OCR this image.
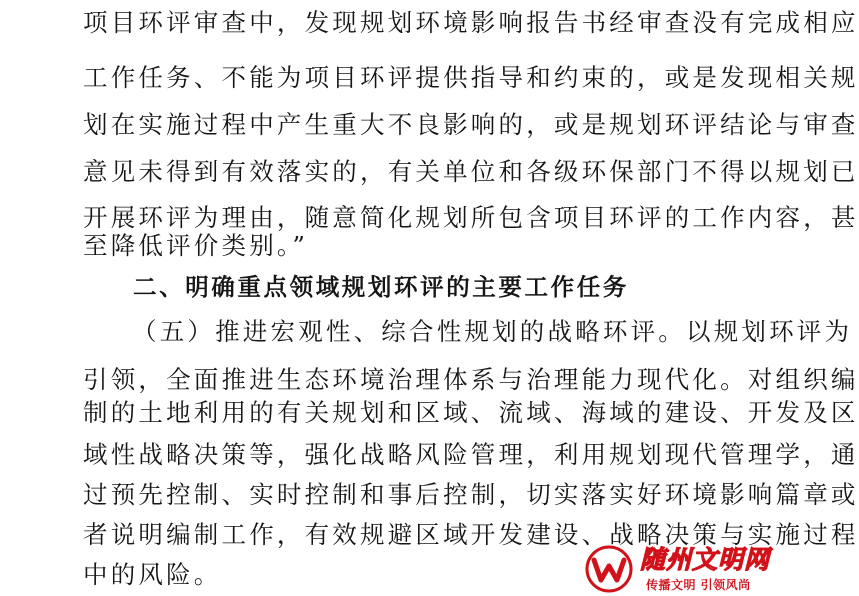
项目环评审查中，发现规划环境影响报告书经审查没有完成相应
工作任务、不能为项目环评提供指导和约束的，或是发现相关规
划在实施过程中产生重大不良影响的，或是规划环评结论与审查
意见未得到有效落实的，有关单位和各级环保部门不得以规划已
开展环评为理由，随意简化规划所包含项目环评的工作内容，甚
至降低评价类别。”
二、明确重点领域规划环评的主要工作任务
（五）推进宏观性、综合性规划的战略环评。以规划环评为
引领，全面推进生态环境治理体系与治理能力现代化。对组织编
制的土地利用的有关规划和区域、流域、海域的建设、开发及区
域性战略决策等，强化战略风险管理，利用规划现代管理学，通
过预先控制、实时控制和事后控制，切实落实好环境影响篇章或
者说明编制工作，有效规避区域开发建设、战略决策与实施过程
中的风险。
随州文明网
传播文明 引领风尚
